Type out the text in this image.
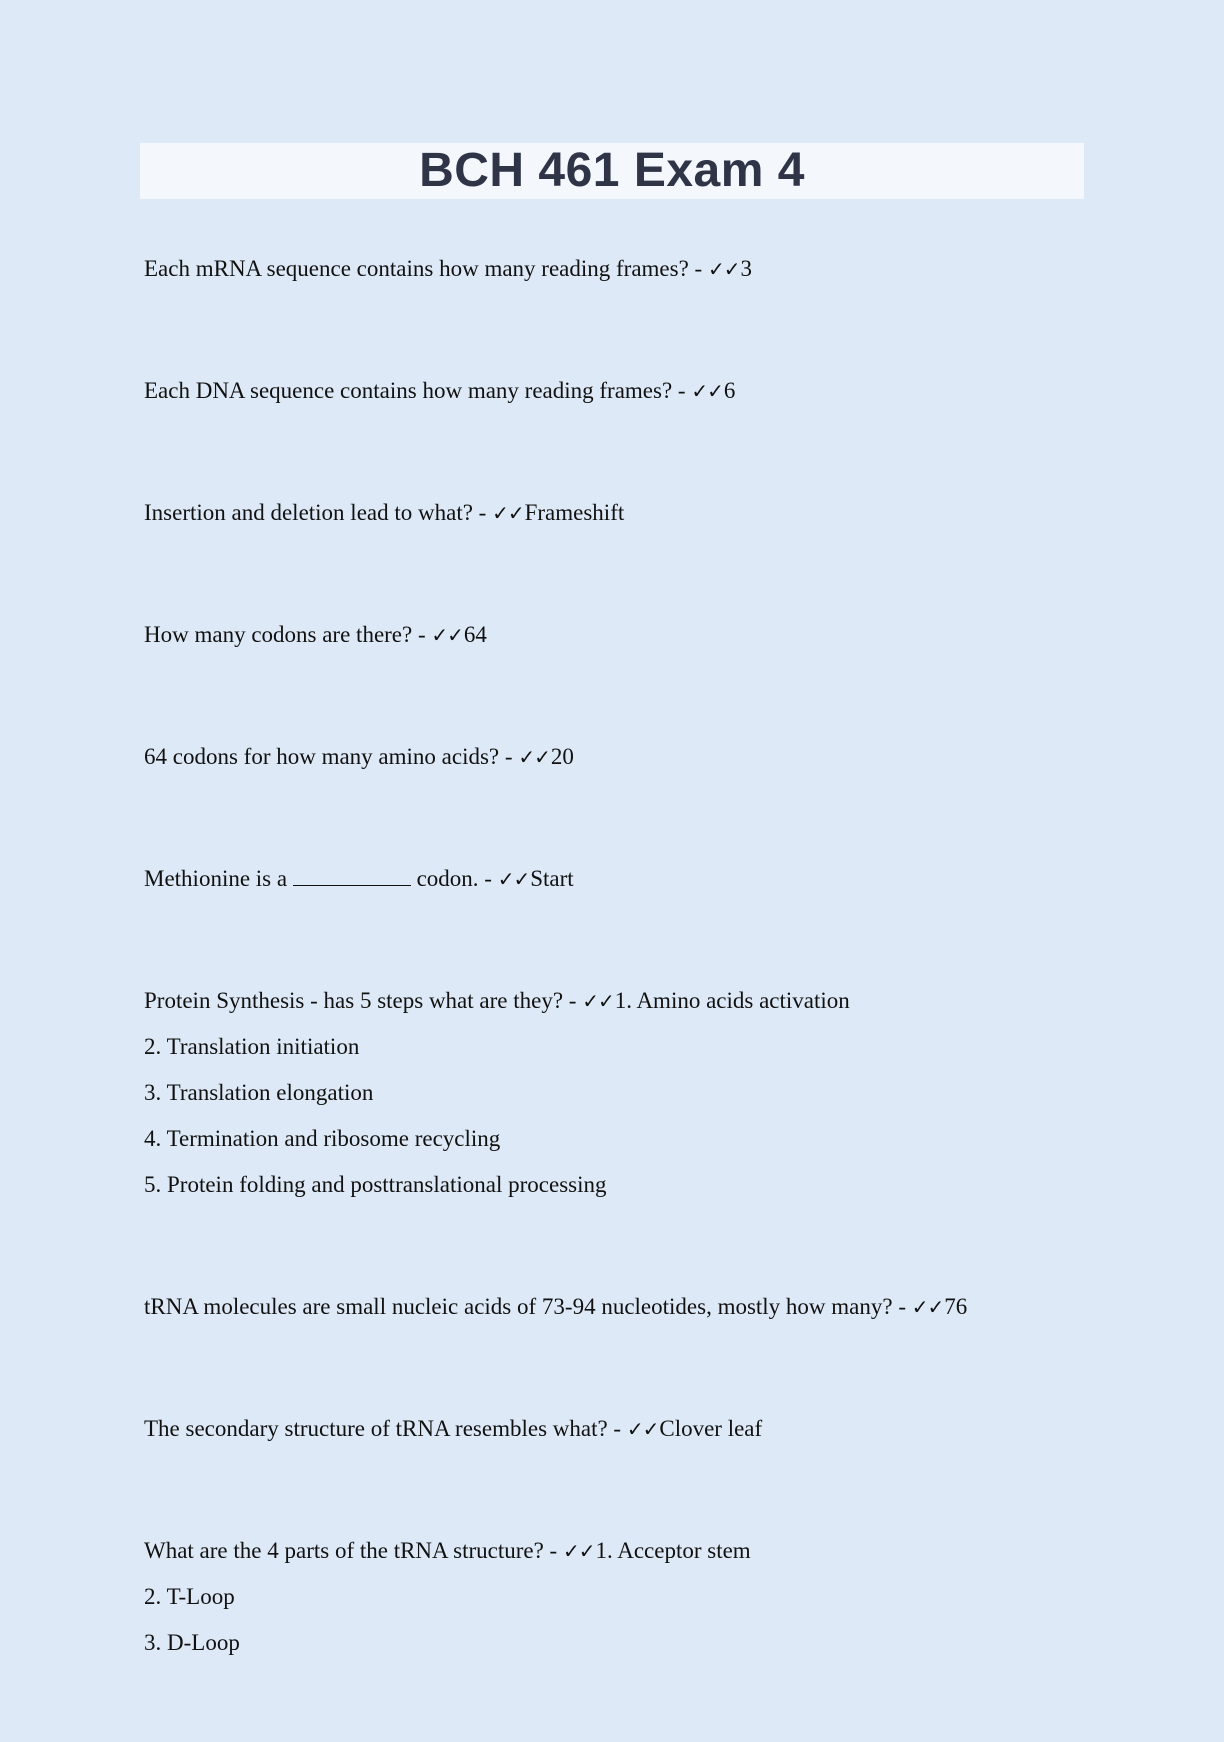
BCH 461 Exam 4
Each mRNA sequence contains how many reading frames? - ✓✓3
Each DNA sequence contains how many reading frames? - ✓✓6
Insertion and deletion lead to what? - ✓✓Frameshift
How many codons are there? - ✓✓64
64 codons for how many amino acids? - ✓✓20
Methionine is a	codon. - ✓✓Start
Protein Synthesis - has 5 steps what are they? - ✓✓1. Amino acids activation
2. Translation initiation
3. Translation elongation
4. Termination and ribosome recycling
5. Protein folding and posttranslational processing
tRNA molecules are small nucleic acids of 73-94 nucleotides, mostly how many? - ✓✓76
The secondary structure of tRNA resembles what? - ✓✓Clover leaf
What are the 4 parts of the tRNA structure? - ✓✓1. Acceptor stem
2. T-Loop
3. D-Loop
